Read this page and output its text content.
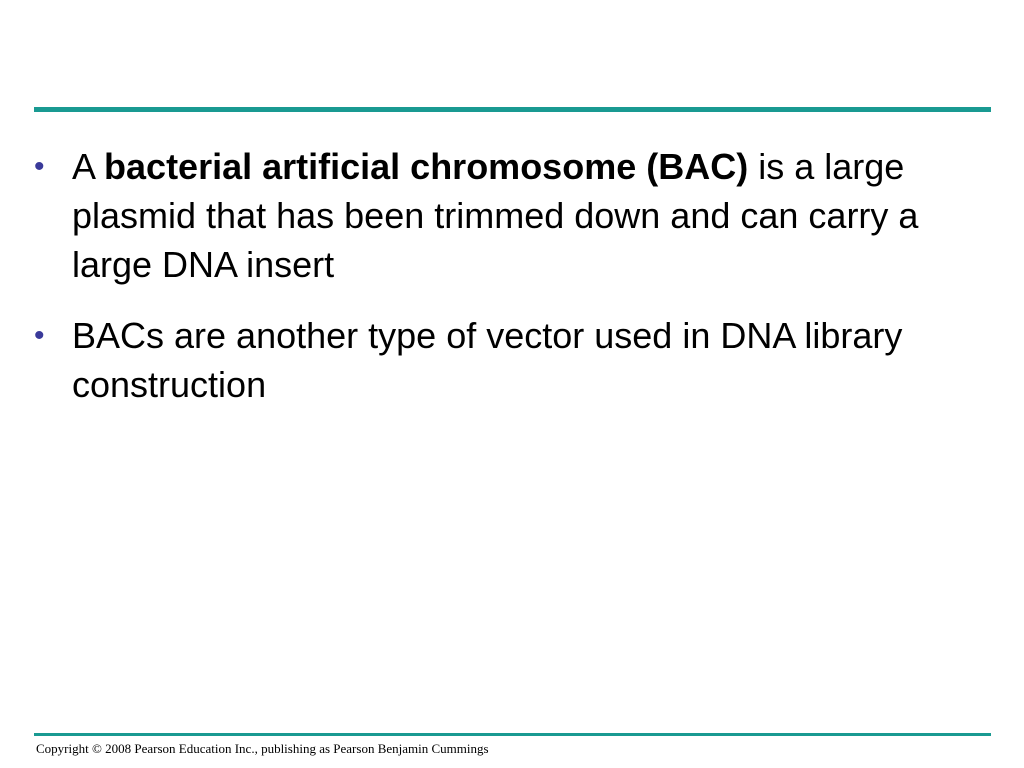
• A bacterial artificial chromosome (BAC) is a large plasmid that has been trimmed down and can carry a large DNA insert
• BACs are another type of vector used in DNA library construction
Copyright © 2008 Pearson Education Inc., publishing as Pearson Benjamin Cummings
